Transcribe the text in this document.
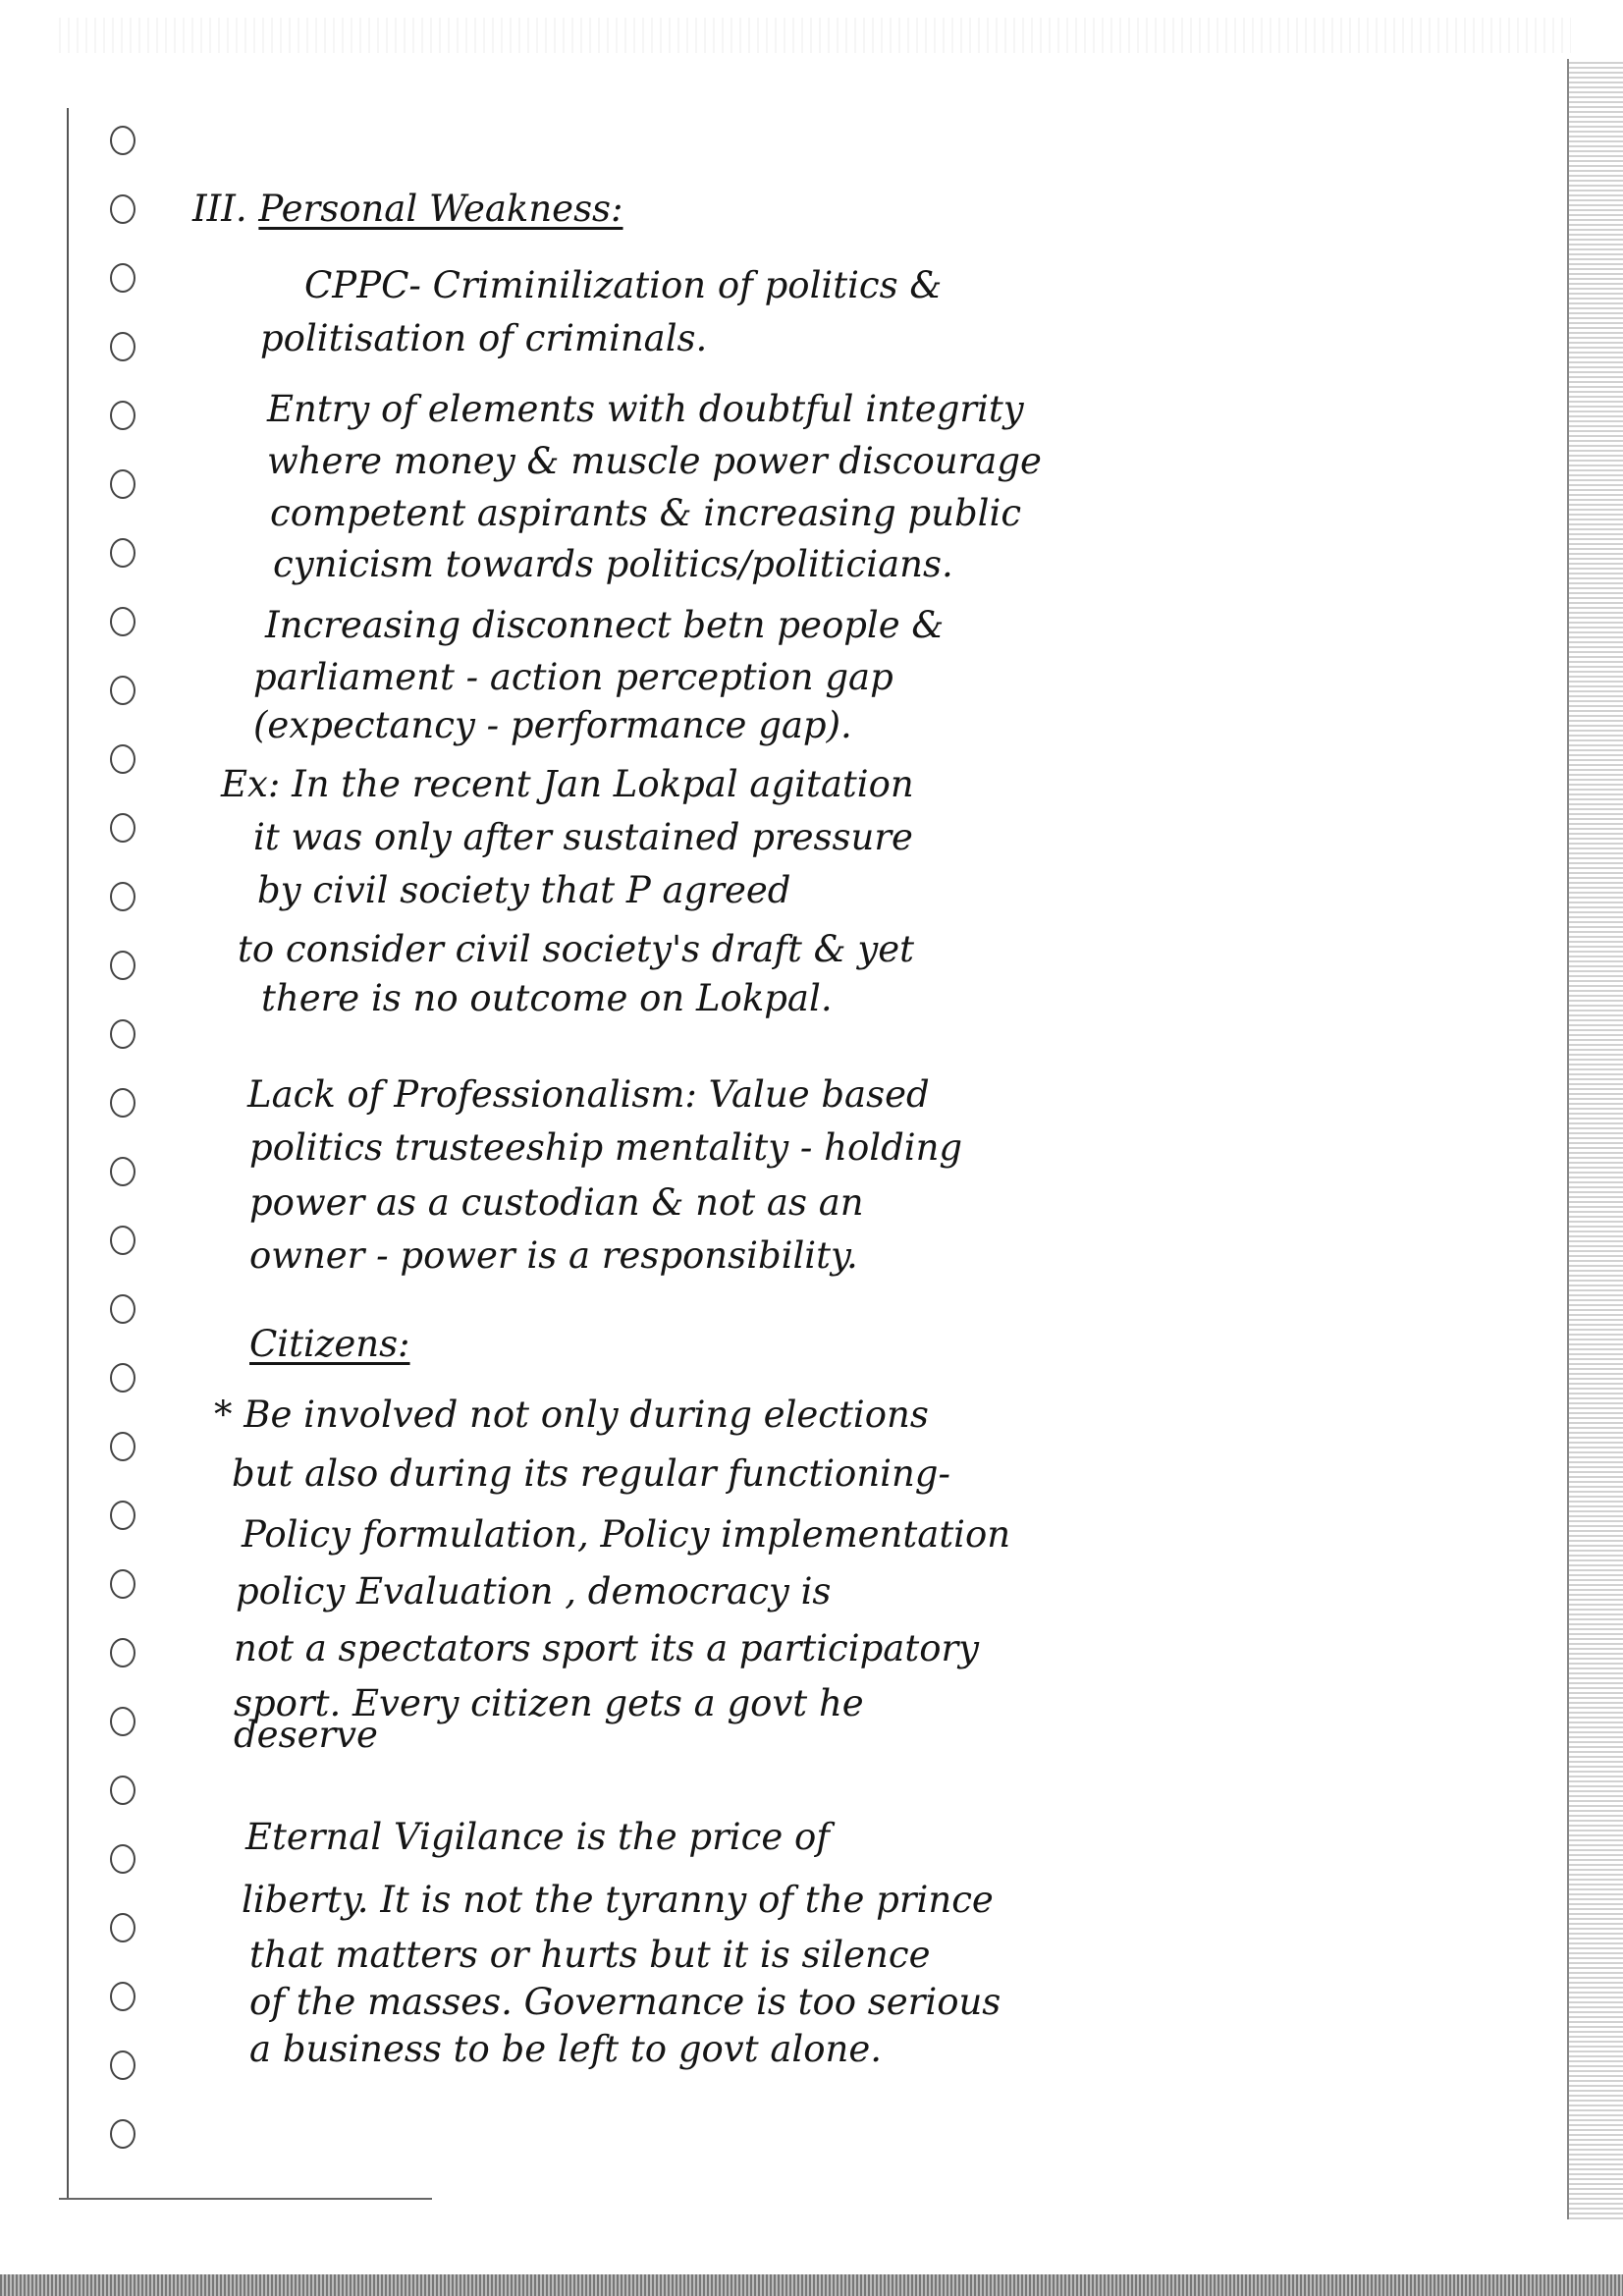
III. Personal Weakness:
CPPC- Criminilization of politics &
politisation of criminals.
Entry of elements with doubtful integrity
where money & muscle power discourage
competent aspirants & increasing public
cynicism towards politics/politicians.
Increasing disconnect betn people &
parliament - action perception gap
(expectancy - performance gap).
Ex: In the recent Jan Lokpal agitation
it was only after sustained pressure
by civil society that P agreed
to consider civil society's draft & yet
there is no outcome on Lokpal.
Lack of Professionalism: Value based
politics trusteeship mentality - holding
power as a custodian & not as an
owner - power is a responsibility.
Citizens:
* Be involved not only during elections
but also during its regular functioning-
Policy formulation, Policy implementation
policy Evaluation , democracy is
not a spectators sport its a participatory
sport. Every citizen gets a govt he
deserve
Eternal Vigilance is the price of
liberty. It is not the tyranny of the prince
that matters or hurts but it is silence
of the masses. Governance is too serious
a business to be left to govt alone.
